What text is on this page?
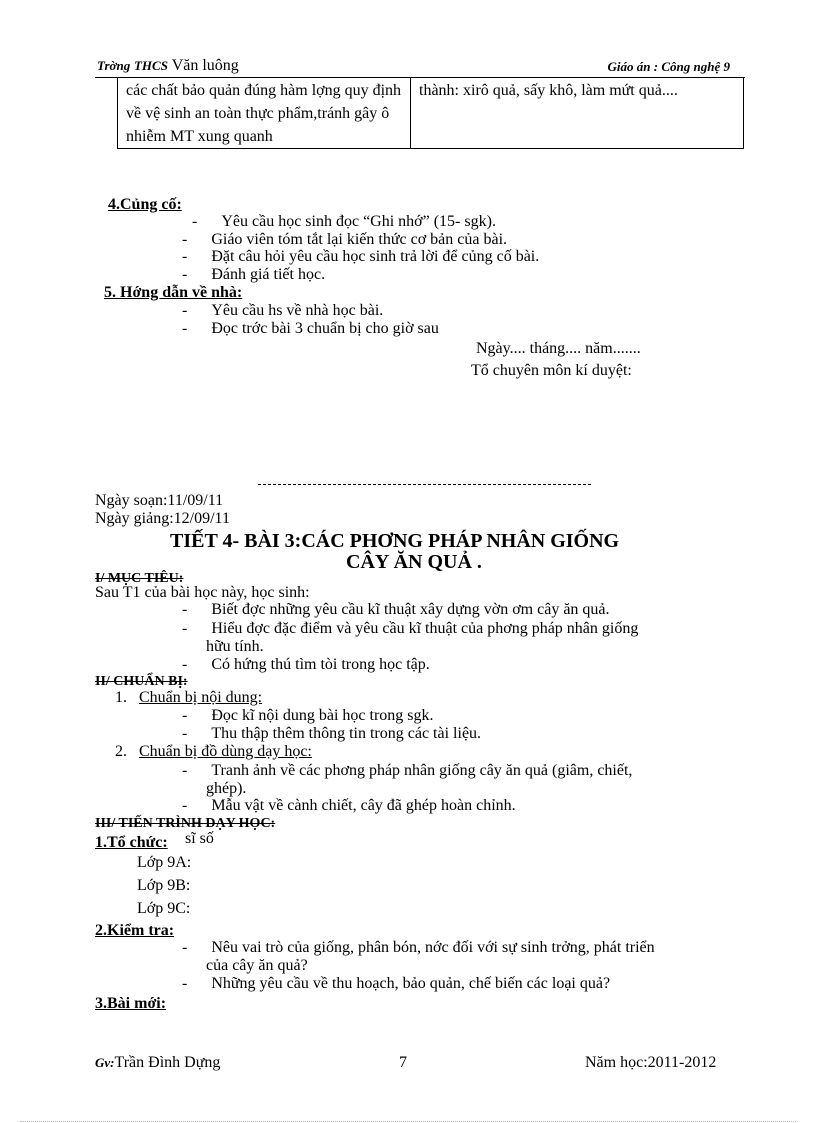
Trờng THCS Văn luông	Giáo án : Công nghệ 9
các chất bảo quản đúng hàm lợng quy định về vệ sinh an toàn thực phẩm,tránh gây ô nhiễm MT xung quanh	thành: xirô quả, sấy khô, làm mứt quả....
4.Củng cố:
- Yêu cầu học sinh đọc “Ghi nhớ” (15- sgk).
- Giáo viên tóm tắt lại kiến thức cơ bản của bài.
- Đặt câu hỏi yêu cầu học sinh trả lời để củng cố bài.
- Đánh giá tiết học.
5. Hớng dẫn về nhà:
- Yêu cầu hs về nhà học bài.
- Đọc trớc bài 3 chuẩn bị cho giờ sau
Ngày.... tháng.... năm.......
Tổ chuyên môn kí duyệt:
Ngày soạn:11/09/11
Ngày giảng:12/09/11
TIẾT 4- BÀI 3:CÁC PHƠNG PHÁP NHÂN GIỐNG
CÂY ĂN QUẢ .
I/ MỤC TIÊU:
Sau T1 của bài học này, học sinh:
- Biết đợc những yêu cầu kĩ thuật xây dựng vờn ơm cây ăn quả.
- Hiểu đợc đặc điểm và yêu cầu kĩ thuật của phơng pháp nhân giống
hữu tính.
- Có hứng thú tìm tòi trong học tập.
II/ CHUẨN BỊ:
1.   Chuẩn bị nội dung:
- Đọc kĩ nội dung bài học trong sgk.
- Thu thập thêm thông tin trong các tài liệu.
2.   Chuẩn bị đồ dùng dạy học:
- Tranh ảnh về các phơng pháp nhân giống cây ăn quả (giâm, chiết,
ghép).
- Mẫu vật về cành chiết, cây đã ghép hoàn chỉnh.
III/ TIẾN TRÌNH DẠY HỌC:
1.Tổ chức: sĩ số
Lớp 9A:
Lớp 9B:
Lớp 9C:
2.Kiểm tra:
- Nêu vai trò của giống, phân bón, nớc đối với sự sinh trởng, phát triển
của cây ăn quả?
- Những yêu cầu về thu hoạch, bảo quản, chế biến các loại quả?
3.Bài mới:
Gv:Trần Đình Dựng	7	Năm học:2011-2012
